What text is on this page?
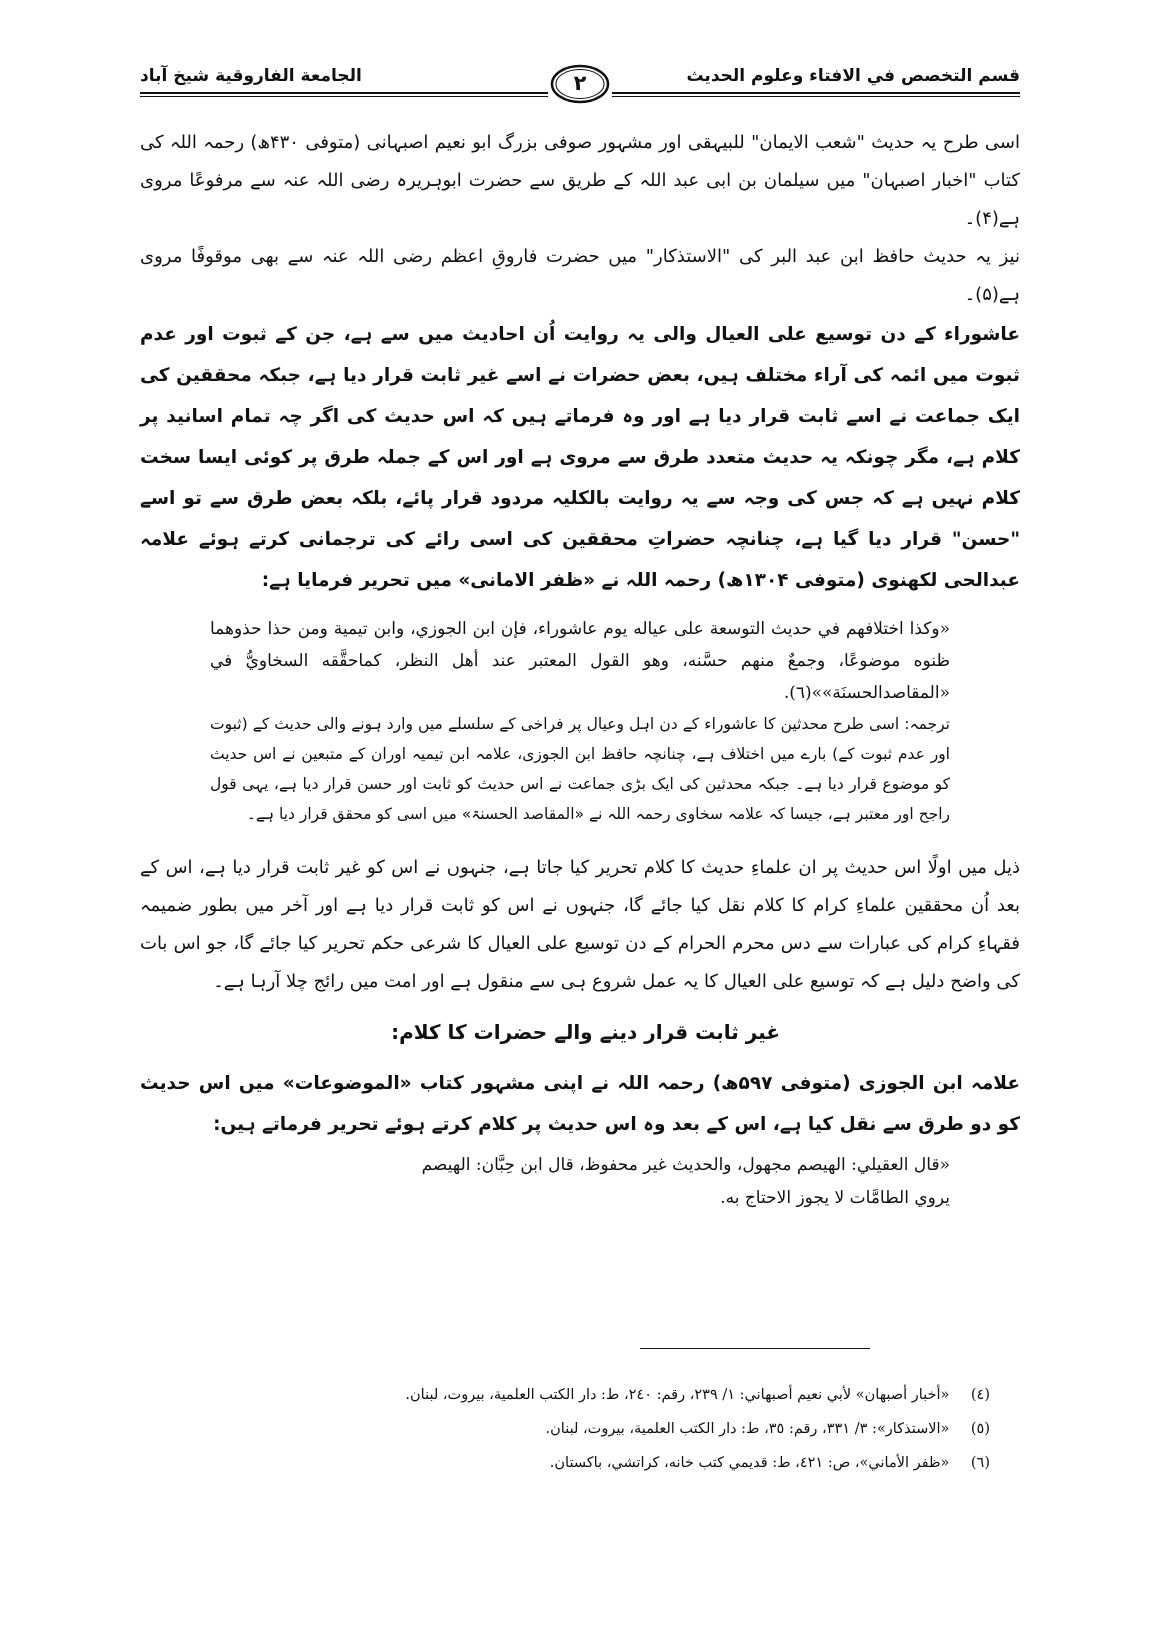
الجامعة الفاروقية شيخ آباد	قسم التخصص في الافتاء وعلوم الحديث
٢

اسی طرح یہ حدیث "شعب الایمان" للبیہقی اور مشہور صوفی بزرگ ابو نعیم اصبہانی (متوفی ۴۳۰ھ) رحمہ اللہ کی کتاب "اخبار اصبہان" میں سیلمان بن ابی عبد اللہ کے طریق سے حضرت ابوہریرہ رضی اللہ عنہ سے مرفوعًا مروی ہے(۴)۔

نیز یہ حدیث حافظ ابن عبد البر کی "الاستذکار" میں حضرت فاروقِ اعظم رضی اللہ عنہ سے بھی موقوفًا مروی ہے(۵)۔

عاشوراء کے دن توسیع علی العیال والی یہ روایت اُن احادیث میں سے ہے، جن کے ثبوت اور عدم ثبوت میں ائمہ کی آراء مختلف ہیں، بعض حضرات نے اسے غیر ثابت قرار دیا ہے، جبکہ محققین کی ایک جماعت نے اسے ثابت قرار دیا ہے اور وہ فرماتے ہیں کہ اس حدیث کی اگر چہ تمام اسانید پر کلام ہے، مگر چونکہ یہ حدیث متعدد طرق سے مروی ہے اور اس کے جملہ طرق پر کوئی ایسا سخت کلام نہیں ہے کہ جس کی وجہ سے یہ روایت بالکلیہ مردود قرار پائے، بلکہ بعض طرق سے تو اسے "حسن" قرار دیا گیا ہے، چنانچہ حضراتِ محققین کی اسی رائے کی ترجمانی کرتے ہوئے علامہ عبدالحی لکھنوی (متوفی ۱۳۰۴ھ) رحمہ اللہ نے «ظفر الامانی» میں تحریر فرمایا ہے:

«وكذا اختلافهم في حديث التوسعة على عياله يوم عاشوراء، فإن ابن الجوزي، وابن تيمية ومن حذا حذوهما ظنوه موضوعًا، وجمعٌ منهم حسَّنه، وهو القول المعتبر عند أهل النظر، كماحقَّقه السخاويُّ في «المقاصدالحسنَة»»(٦).

ترجمہ: اسی طرح محدثین کا عاشوراء کے دن اہل وعیال پر فراخی کے سلسلے میں وارد ہونے والی حدیث کے (ثبوت اور عدم ثبوت کے) بارے میں اختلاف ہے، چنانچہ حافظ ابن الجوزی، علامہ ابن تیمیہ اوران کے متبعین نے اس حدیث کو موضوع قرار دیا ہے۔ جبکہ محدثین کی ایک بڑی جماعت نے اس حدیث کو ثابت اور حسن قرار دیا ہے، یہی قول راجح اور معتبر ہے، جیسا کہ علامہ سخاوی رحمہ اللہ نے «المقاصد الحسنۃ» میں اسی کو محقق قرار دیا ہے۔

ذیل میں اولًا اس حدیث پر ان علماءِ حدیث کا کلام تحریر کیا جاتا ہے، جنہوں نے اس کو غیر ثابت قرار دیا ہے، اس کے بعد اُن محققین علماءِ کرام کا کلام نقل کیا جائے گا، جنہوں نے اس کو ثابت قرار دیا ہے اور آخر میں بطور ضمیمہ فقہاءِ کرام کی عبارات سے دس محرم الحرام کے دن توسیع علی العیال کا شرعی حکم تحریر کیا جائے گا، جو اس بات کی واضح دلیل ہے کہ توسیع علی العیال کا یہ عمل شروع ہی سے منقول ہے اور امت میں رائج چلا آرہا ہے۔

غیر ثابت قرار دینے والے حضرات کا کلام:

علامہ ابن الجوزی (متوفی ۵۹۷ھ) رحمہ اللہ نے اپنی مشہور کتاب «الموضوعات» میں اس حدیث کو دو طرق سے نقل کیا ہے، اس کے بعد وہ اس حدیث پر کلام کرتے ہوئے تحریر فرماتے ہیں:

«قال العقيلي: الهيصم مجهول، والحديث غير محفوظ، قال ابن حِبَّان: الهيصم

يروي الطامَّات لا يجوز الاحتاج به.

(٤) «أخبار أصبهان» لأبي نعيم أصبهاني: ١/ ٢٣٩، رقم: ٢٤٠، ط: دار الكتب العلمية، بيروت، لبنان.
(٥) «الاستذكار»: ٣/ ٣٣١، رقم: ٣٥، ط: دار الكتب العلمية، بيروت، لبنان.
(٦) «ظفر الأماني»، ص: ٤٢١، ط: قديمي كتب خانه، كراتشي، باكستان.
